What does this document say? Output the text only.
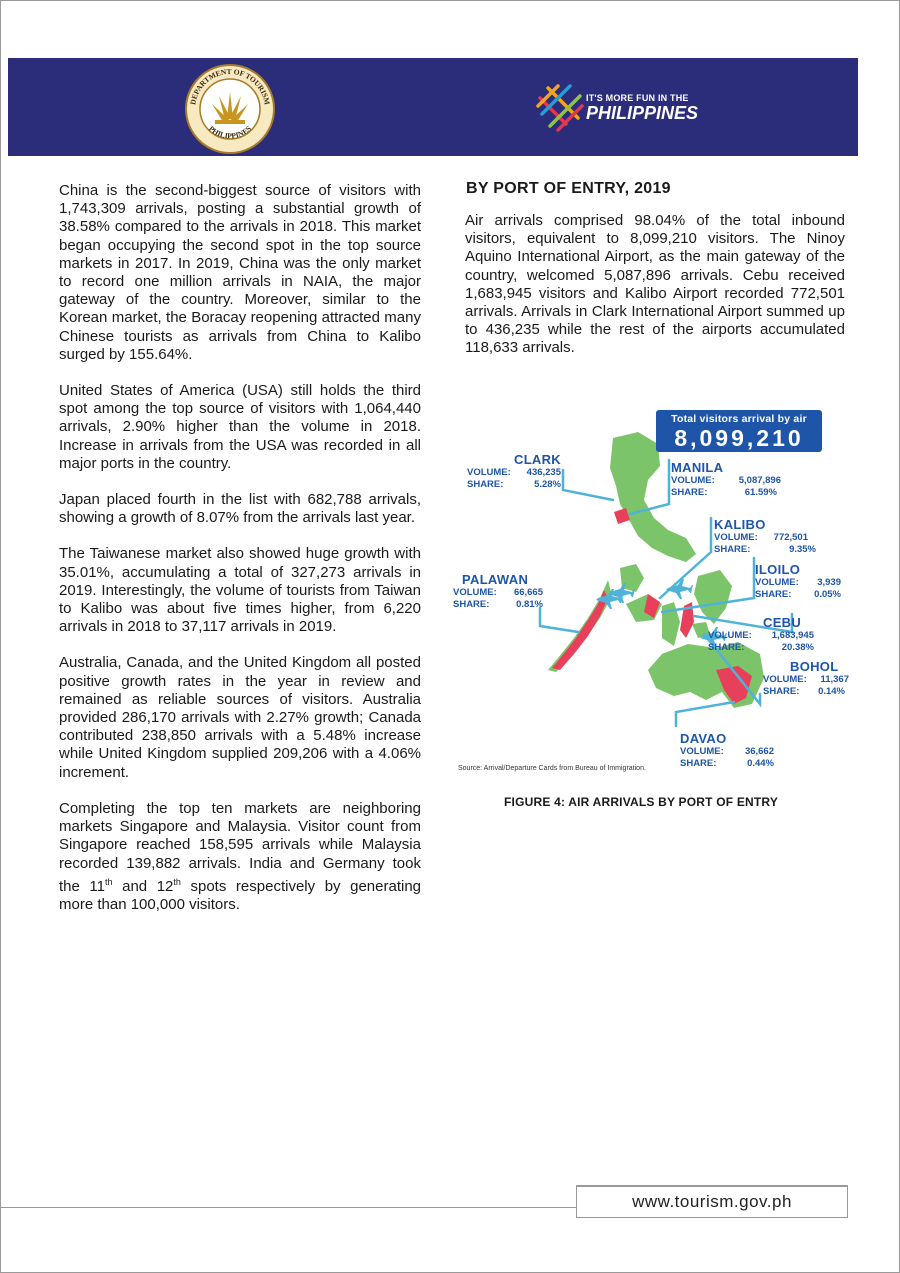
DEPARTMENT OF TOURISM
PHILIPPINES
IT'S MORE FUN IN THE
PHILIPPINES

China is the second-biggest source of visitors with 1,743,309 arrivals, posting a substantial growth of 38.58% compared to the arrivals in 2018. This market began occupying the second spot in the top source markets in 2017. In 2019, China was the only market to record one million arrivals in NAIA, the major gateway of the country. Moreover, similar to the Korean market, the Boracay reopening attracted many Chinese tourists as arrivals from China to Kalibo surged by 155.64%.

United States of America (USA) still holds the third spot among the top source of visitors with 1,064,440 arrivals, 2.90% higher than the volume in 2018. Increase in arrivals from the USA was recorded in all major ports in the country.

Japan placed fourth in the list with 682,788 arrivals, showing a growth of 8.07% from the arrivals last year.

The Taiwanese market also showed huge growth with 35.01%, accumulating a total of 327,273 arrivals in 2019. Interestingly, the volume of tourists from Taiwan to Kalibo was about five times higher, from 6,220 arrivals in 2018 to 37,117 arrivals in 2019.

Australia, Canada, and the United Kingdom all posted positive growth rates in the year in review and remained as reliable sources of visitors. Australia provided 286,170 arrivals with 2.27% growth; Canada contributed 238,850 arrivals with a 5.48% increase while United Kingdom supplied 209,206 with a 4.06% increment.

Completing the top ten markets are neighboring markets Singapore and Malaysia. Visitor count from Singapore reached 158,595 arrivals while Malaysia recorded 139,882 arrivals. India and Germany took the 11th and 12th spots respectively by generating more than 100,000 visitors.

BY PORT OF ENTRY, 2019

Air arrivals comprised 98.04% of the total inbound visitors, equivalent to 8,099,210 visitors. The Ninoy Aquino International Airport, as the main gateway of the country, welcomed 5,087,896 arrivals. Cebu received 1,683,945 visitors and Kalibo Airport recorded 772,501 arrivals. Arrivals in Clark International Airport summed up to 436,235 while the rest of the airports accumulated 118,633 arrivals.

Total visitors arrival by air
8,099,210
CLARK
VOLUME: 436,235
SHARE:	5.28%
MANILA
VOLUME:	5,087,896
SHARE:	61.59%
KALIBO
VOLUME: 772,501
SHARE:	9.35%
ILOILO
VOLUME: 3,939
SHARE: 0.05%
PALAWAN
VOLUME: 66,665
SHARE:	0.81%
CEBU
VOLUME: 1,683,945
SHARE:	20.38%
BOHOL
VOLUME: 11,367
SHARE: 0.14%
DAVAO
VOLUME: 36,662
SHARE:	0.44%
Source: Arrival/Departure Cards from Bureau of Immigration.
FIGURE 4: AIR ARRIVALS BY PORT OF ENTRY
www.tourism.gov.ph
